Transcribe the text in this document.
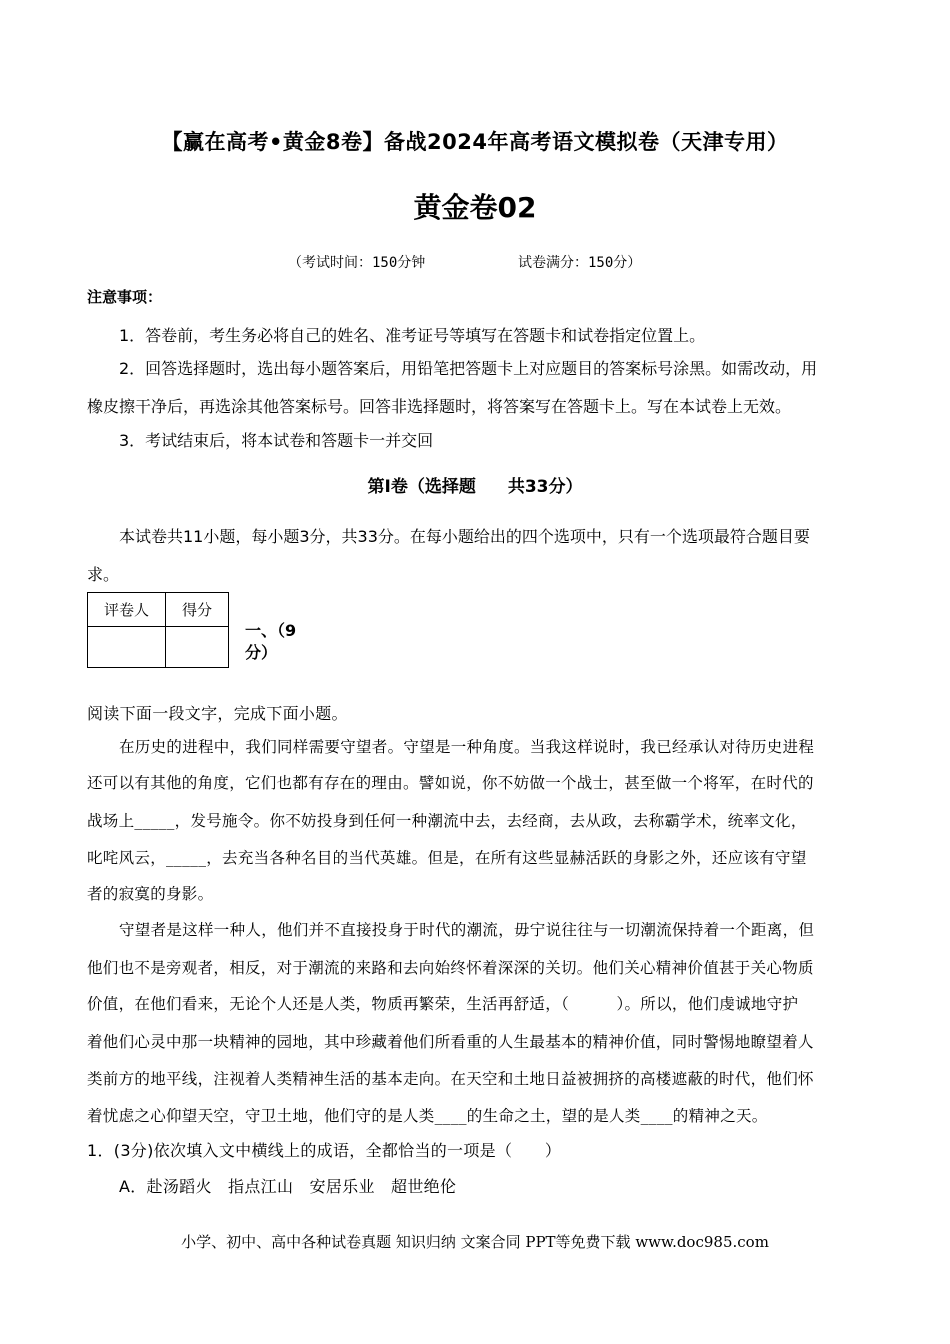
【赢在高考•黄金8卷】备战2024年高考语文模拟卷（天津专用）
黄金卷02
（考试时间：150分钟	试卷满分：150分）
注意事项：
1．答卷前，考生务必将自己的姓名、准考证号等填写在答题卡和试卷指定位置上。
2．回答选择题时，选出每小题答案后，用铅笔把答题卡上对应题目的答案标号涂黑。如需改动，用
橡皮擦干净后，再选涂其他答案标号。回答非选择题时，将答案写在答题卡上。写在本试卷上无效。
3．考试结束后，将本试卷和答题卡一并交回
第Ⅰ卷（选择题 共33分）
本试卷共11小题，每小题3分，共33分。在每小题给出的四个选项中，只有一个选项最符合题目要
求。
评卷人	得分

一、（9
分）
阅读下面一段文字，完成下面小题。
在历史的进程中，我们同样需要守望者。守望是一种角度。当我这样说时，我已经承认对待历史进程
还可以有其他的角度，它们也都有存在的理由。譬如说，你不妨做一个战士，甚至做一个将军，在时代的
战场上_____，发号施令。你不妨投身到任何一种潮流中去，去经商，去从政，去称霸学术，统率文化，
叱咤风云，_____，去充当各种名目的当代英雄。但是，在所有这些显赫活跃的身影之外，还应该有守望
者的寂寞的身影。
守望者是这样一种人，他们并不直接投身于时代的潮流，毋宁说往往与一切潮流保持着一个距离，但
他们也不是旁观者，相反，对于潮流的来路和去向始终怀着深深的关切。他们关心精神价值甚于关心物质
价值，在他们看来，无论个人还是人类，物质再繁荣，生活再舒适，（　　　）。所以，他们虔诚地守护
着他们心灵中那一块精神的园地，其中珍藏着他们所看重的人生最基本的精神价值，同时警惕地瞭望着人
类前方的地平线，注视着人类精神生活的基本走向。在天空和土地日益被拥挤的高楼遮蔽的时代，他们怀
着忧虑之心仰望天空，守卫土地，他们守的是人类____的生命之土，望的是人类____的精神之天。
1．(3分)依次填入文中横线上的成语，全都恰当的一项是（　　）
A．赴汤蹈火　指点江山　安居乐业　超世绝伦
小学、初中、高中各种试卷真题 知识归纳 文案合同 PPT等免费下载 www.doc985.com
